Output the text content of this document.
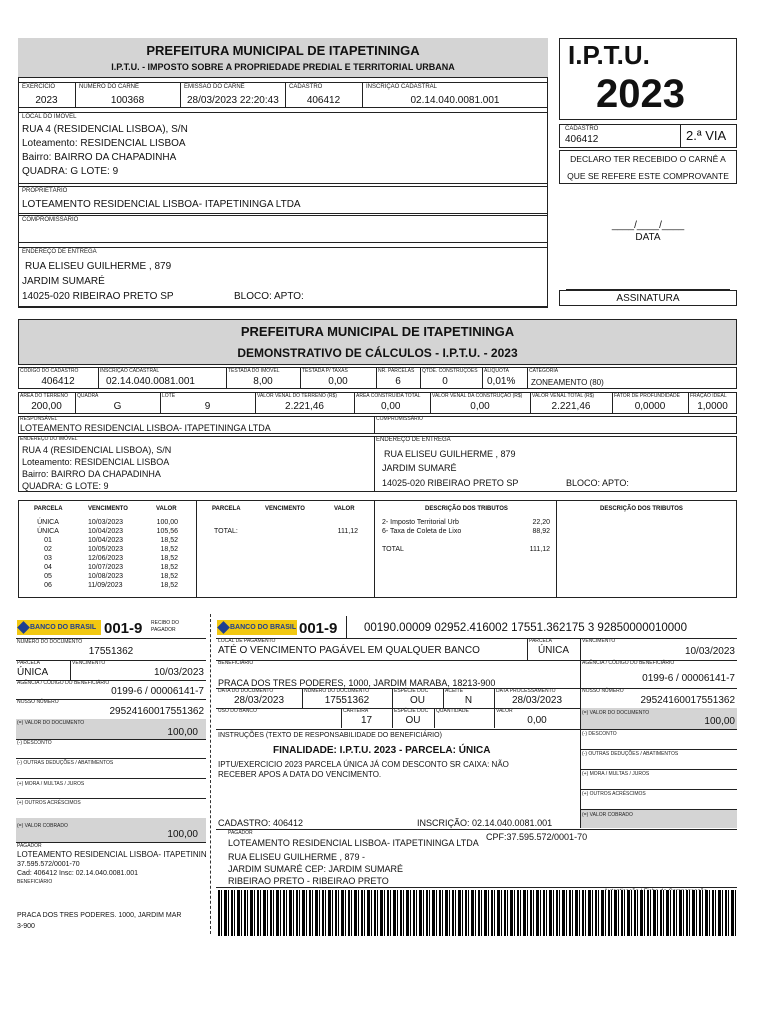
PREFEITURA MUNICIPAL DE ITAPETININGA
I.P.T.U. - IMPOSTO SOBRE A PROPRIEDADE PREDIAL E TERRITORIAL URBANA
EXERCÍCIO
2023
NÚMERO DO CARNÊ
100368
EMISSÃO DO CARNÊ
28/03/2023 22:20:43
CADASTRO
406412
INSCRIÇÃO CADASTRAL
02.14.040.0081.001
LOCAL DO IMÓVEL
RUA 4 (RESIDENCIAL LISBOA), S/N
Loteamento: RESIDENCIAL LISBOA
Bairro: BAIRRO DA CHAPADINHA
QUADRA: G LOTE: 9
PROPRIETÁRIO
LOTEAMENTO RESIDENCIAL LISBOA- ITAPETININGA LTDA
COMPROMISSÁRIO
ENDEREÇO DE ENTREGA
RUA ELISEU GUILHERME , 879
JARDIM SUMARÉ
14025-020 RIBEIRAO PRETO SP	BLOCO: APTO:
I.P.T.U.
2023
CADASTRO
406412	2.ª VIA
DECLARO TER RECEBIDO O CARNÊ A
QUE SE REFERE ESTE COMPROVANTE
____/____/____
DATA
ASSINATURA
PREFEITURA MUNICIPAL DE ITAPETININGA
DEMONSTRATIVO DE CÁLCULOS - I.P.T.U. - 2023
CÓDIGO DO CADASTRO
406412
INSCRIÇÃO CADASTRAL
02.14.040.0081.001
TESTADA DO IMÓVEL
8,00
TESTADA P/ TAXAS
0,00
NR. PARCELAS
6
QTDE. CONSTRUÇÕES
0
ALÍQUOTA
0,01%
CATEGORIA
ZONEAMENTO (80)
ÁREA DO TERRENO
200,00
QUADRA
G
LOTE
9
VALOR VENAL DO TERRENO (R$)
2.221,46
ÁREA CONSTRUÍDA TOTAL
0,00
VALOR VENAL DA CONSTRUÇÃO (R$)
0,00
VALOR VENAL TOTAL (R$)
2.221,46
FATOR DE PROFUNDIDADE
0,0000
FRAÇÃO IDEAL
1,0000
RESPONSÁVEL
LOTEAMENTO RESIDENCIAL LISBOA- ITAPETININGA LTDA
COMPROMISSÁRIO
ENDEREÇO DO IMÓVEL
RUA 4 (RESIDENCIAL LISBOA), S/N
Loteamento: RESIDENCIAL LISBOA
Bairro: BAIRRO DA CHAPADINHA
QUADRA: G LOTE: 9
ENDEREÇO DE ENTREGA
RUA ELISEU GUILHERME , 879
JARDIM SUMARÉ
14025-020 RIBEIRAO PRETO SP	BLOCO: APTO:
PARCELA	VENCIMENTO	VALOR	PARCELA	VENCIMENTO	VALOR	DESCRIÇÃO DOS TRIBUTOS	DESCRIÇÃO DOS TRIBUTOS
ÚNICA	10/03/2023	100,00
ÚNICA	10/04/2023	105,56
01	10/04/2023	18,52
02	10/05/2023	18,52
03	12/06/2023	18,52
04	10/07/2023	18,52
05	10/08/2023	18,52
06	11/09/2023	18,52
TOTAL:	111,12
2- Imposto Territorial Urb	22,20
6- Taxa de Coleta de Lixo	88,92
TOTAL	111,12
BANCO DO BRASIL 001-9 RECIBO DO PAGADOR
NÚMERO DO DOCUMENTO
17551362
PARCELA	VENCIMENTO
ÚNICA	10/03/2023
AGÊNCIA / CÓDIGO DO BENEFICIÁRIO
0199-6 / 00006141-7
NOSSO NÚMERO
29524160017551362
(=) VALOR DO DOCUMENTO
100,00
(-) DESCONTO
(-) OUTRAS DEDUÇÕES / ABATIMENTOS
(+) MORA / MULTAS / JUROS
(+) OUTROS ACRÉSCIMOS
(=) VALOR COBRADO
100,00
PAGADOR
LOTEAMENTO RESIDENCIAL LISBOA- ITAPETININ
37.595.572/0001-70
Cad: 406412 Insc: 02.14.040.0081.001
BENEFICIÁRIO
PRACA DOS TRES PODERES. 1000, JARDIM MAR
3-900
BANCO DO BRASIL 001-9 00190.00009 02952.416002 17551.362175 3 92850000010000
LOCAL DE PAGAMENTO
ATÉ O VENCIMENTO PAGÁVEL EM QUALQUER BANCO
PARCELA
ÚNICA
VENCIMENTO
10/03/2023
BENEFICIÁRIO
PRACA DOS TRES PODERES, 1000, JARDIM MARABA, 18213-900
AGÊNCIA / CÓDIGO DO BENEFICIÁRIO
0199-6 / 00006141-7
DATA DO DOCUMENTO
28/03/2023
NÚMERO DO DOCUMENTO
17551362
ESPÉCIE DOC
OU
ACEITE
N
DATA PROCESSAMENTO
28/03/2023
NOSSO NÚMERO
29524160017551362
USO DO BANCO	CARTEIRA
17
ESPÉCIE DOC
OU
QUANTIDADE	VALOR
0,00
(=) VALOR DO DOCUMENTO
100,00
INSTRUÇÕES (TEXTO DE RESPONSABILIDADE DO BENEFICIÁRIO)
FINALIDADE: I.P.T.U. 2023 - PARCELA: ÚNICA
IPTU/EXERCICIO 2023 PARCELA ÚNICA JÁ COM DESCONTO SR CAIXA: NÃO
RECEBER APOS A DATA DO VENCIMENTO.
CADASTRO: 406412	INSCRIÇÃO: 02.14.040.0081.001
(-) DESCONTO
(-) OUTRAS DEDUÇÕES / ABATIMENTOS
(+) MORA / MULTAS / JUROS
(+) OUTROS ACRÉSCIMOS
(=) VALOR COBRADO
PAGADOR
LOTEAMENTO RESIDENCIAL LISBOA- ITAPETININGA LTDA
CPF:37.595.572/0001-70
RUA ELISEU GUILHERME , 879 -
JARDIM SUMARÉ CEP: JARDIM SUMARÉ
RIBEIRAO PRETO - RIBEIRAO PRETO
